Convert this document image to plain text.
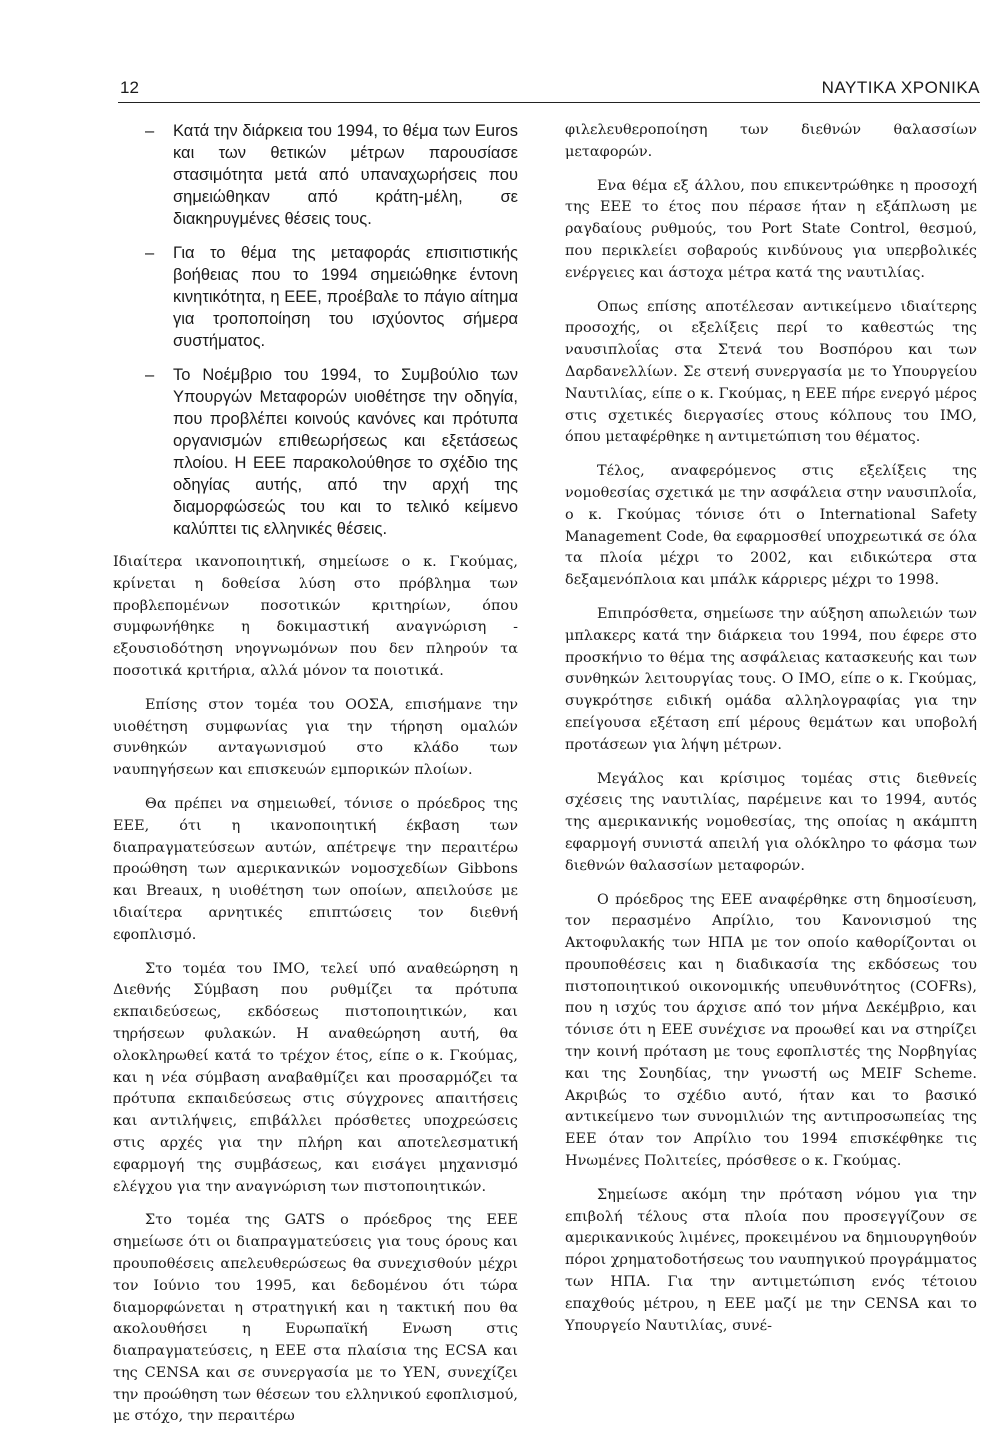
12	ΝΑΥΤΙΚΑ ΧΡΟΝΙΚΑ
– Κατά την διάρκεια του 1994, το θέμα των Euros και των θετικών μέτρων παρουσίασε στασιμότητα μετά από υπαναχωρήσεις που σημειώθηκαν από κράτη-μέλη, σε διακηρυγμένες θέσεις τους.
– Για το θέμα της μεταφοράς επισιτιστικής βοήθειας που το 1994 σημειώθηκε έντονη κινητικότητα, η ΕΕΕ, προέβαλε το πάγιο αίτημα για τροποποίηση του ισχύοντος σήμερα συστήματος.
– Το Νοέμβριο του 1994, το Συμβούλιο των Υπουργών Μεταφορών υιοθέτησε την οδηγία, που προβλέπει κοινούς κανόνες και πρότυπα οργανισμών επιθεωρήσεως και εξετάσεως πλοίου. Η ΕΕΕ παρακολούθησε το σχέδιο της οδηγίας αυτής, από την αρχή της διαμορφώσεώς του και το τελικό κείμενο καλύπτει τις ελληνικές θέσεις.

Ιδιαίτερα ικανοποιητική, σημείωσε ο κ. Γκούμας, κρίνεται η δοθείσα λύση στο πρόβλημα των προβλεπομένων ποσοτικών κριτηρίων, όπου συμφωνήθηκε η δοκιμαστική αναγνώριση - εξουσιοδότηση νηογνωμόνων που δεν πληρούν τα ποσοτικά κριτήρια, αλλά μόνον τα ποιοτικά.

Επίσης στον τομέα του ΟΟΣΑ, επισήμανε την υιοθέτηση συμφωνίας για την τήρηση ομαλών συνθηκών ανταγωνισμού στο κλάδο των ναυπηγήσεων και επισκευών εμπορικών πλοίων.

Θα πρέπει να σημειωθεί, τόνισε ο πρόεδρος της ΕΕΕ, ότι η ικανοποιητική έκβαση των διαπραγματεύσεων αυτών, απέτρεψε την περαιτέρω προώθηση των αμερικανικών νομοσχεδίων Gibbons και Breaux, η υιοθέτηση των οποίων, απειλούσε με ιδιαίτερα αρνητικές επιπτώσεις τον διεθνή εφοπλισμό.

Στο τομέα του ΙΜΟ, τελεί υπό αναθεώρηση η Διεθνής Σύμβαση που ρυθμίζει τα πρότυπα εκπαιδεύσεως, εκδόσεως πιστοποιητικών, και τηρήσεων φυλακών. Η αναθεώρηση αυτή, θα ολοκληρωθεί κατά το τρέχον έτος, είπε ο κ. Γκούμας, και η νέα σύμβαση αναβαθμίζει και προσαρμόζει τα πρότυπα εκπαιδεύσεως στις σύγχρονες απαιτήσεις και αντιλήψεις, επιβάλλει πρόσθετες υποχρεώσεις στις αρχές για την πλήρη και αποτελεσματική εφαρμογή της συμβάσεως, και εισάγει μηχανισμό ελέγχου για την αναγνώριση των πιστοποιητικών.

Στο τομέα της GATS ο πρόεδρος της ΕΕΕ σημείωσε ότι οι διαπραγματεύσεις για τους όρους και προυποθέσεις απελευθερώσεως θα συνεχισθούν μέχρι τον Ιούνιο του 1995, και δεδομένου ότι τώρα διαμορφώνεται η στρατηγική και η τακτική που θα ακολουθήσει η Ευρωπαϊκή Ενωση στις διαπραγματεύσεις, η ΕΕΕ στα πλαίσια της ECSA και της CENSA και σε συνεργασία με το ΥΕΝ, συνεχίζει την προώθηση των θέσεων του ελληνικού εφοπλισμού, με στόχο, την περαιτέρω

φιλελευθεροποίηση των διεθνών θαλασσίων μεταφορών.

Ενα θέμα εξ άλλου, που επικεντρώθηκε η προσοχή της ΕΕΕ το έτος που πέρασε ήταν η εξάπλωση με ραγδαίους ρυθμούς, του Port State Control, θεσμού, που περικλείει σοβαρούς κινδύνους για υπερβολικές ενέργειες και άστοχα μέτρα κατά της ναυτιλίας.

Οπως επίσης αποτέλεσαν αντικείμενο ιδιαίτερης προσοχής, οι εξελίξεις περί το καθεστώς της ναυσιπλοΐας στα Στενά του Βοσπόρου και των Δαρδανελλίων. Σε στενή συνεργασία με το Υπουργείου Ναυτιλίας, είπε ο κ. Γκούμας, η ΕΕΕ πήρε ενεργό μέρος στις σχετικές διεργασίες στους κόλπους του ΙΜΟ, όπου μεταφέρθηκε η αντιμετώπιση του θέματος.

Τέλος, αναφερόμενος στις εξελίξεις της νομοθεσίας σχετικά με την ασφάλεια στην ναυσιπλοΐα, ο κ. Γκούμας τόνισε ότι ο International Safety Management Code, θα εφαρμοσθεί υποχρεωτικά σε όλα τα πλοία μέχρι το 2002, και ειδικώτερα στα δεξαμενόπλοια και μπάλκ κάρριερς μέχρι το 1998.

Επιπρόσθετα, σημείωσε την αύξηση απωλειών των μπλακερς κατά την διάρκεια του 1994, που έφερε στο προσκήνιο το θέμα της ασφάλειας κατασκευής και των συνθηκών λειτουργίας τους. Ο ΙΜΟ, είπε ο κ. Γκούμας, συγκρότησε ειδική ομάδα αλληλογραφίας για την επείγουσα εξέταση επί μέρους θεμάτων και υποβολή προτάσεων για λήψη μέτρων.

Μεγάλος και κρίσιμος τομέας στις διεθνείς σχέσεις της ναυτιλίας, παρέμεινε και το 1994, αυτός της αμερικανικής νομοθεσίας, της οποίας η ακάμπτη εφαρμογή συνιστά απειλή για ολόκληρο το φάσμα των διεθνών θαλασσίων μεταφορών.

Ο πρόεδρος της ΕΕΕ αναφέρθηκε στη δημοσίευση, τον περασμένο Απρίλιο, του Κανονισμού της Ακτοφυλακής των ΗΠΑ με τον οποίο καθορίζονται οι προυποθέσεις και η διαδικασία της εκδόσεως του πιστοποιητικού οικονομικής υπευθυνότητος (COFRs), που η ισχύς του άρχισε από τον μήνα Δεκέμβριο, και τόνισε ότι η ΕΕΕ συνέχισε να προωθεί και να στηρίζει την κοινή πρόταση με τους εφοπλιστές της Νορβηγίας και της Σουηδίας, την γνωστή ως MEIF Scheme. Ακριβώς το σχέδιο αυτό, ήταν και το βασικό αντικείμενο των συνομιλιών της αντιπροσωπείας της ΕΕΕ όταν τον Απρίλιο του 1994 επισκέφθηκε τις Ηνωμένες Πολιτείες, πρόσθεσε ο κ. Γκούμας.

Σημείωσε ακόμη την πρόταση νόμου για την επιβολή τέλους στα πλοία που προσεγγίζουν σε αμερικανικούς λιμένες, προκειμένου να δημιουργηθούν πόροι χρηματοδοτήσεως του ναυπηγικού προγράμματος των ΗΠΑ. Για την αντιμετώπιση ενός τέτοιου επαχθούς μέτρου, η ΕΕΕ μαζί με την CENSA και το Υπουργείο Ναυτιλίας, συνέ-
